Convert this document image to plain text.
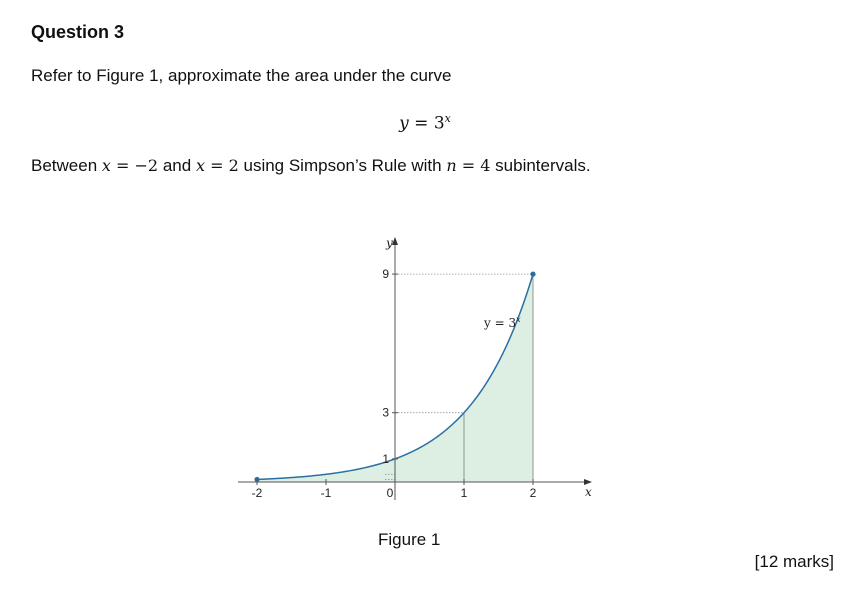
Question 3
Refer to Figure 1, approximate the area under the curve
$y = 3^x$
Between x = −2 and x = 2 using Simpson’s Rule with n = 4 subintervals.
-2	-1	0	1	2
1
3
9
y
x
$y = 3^x$
Figure 1
[12 marks]
